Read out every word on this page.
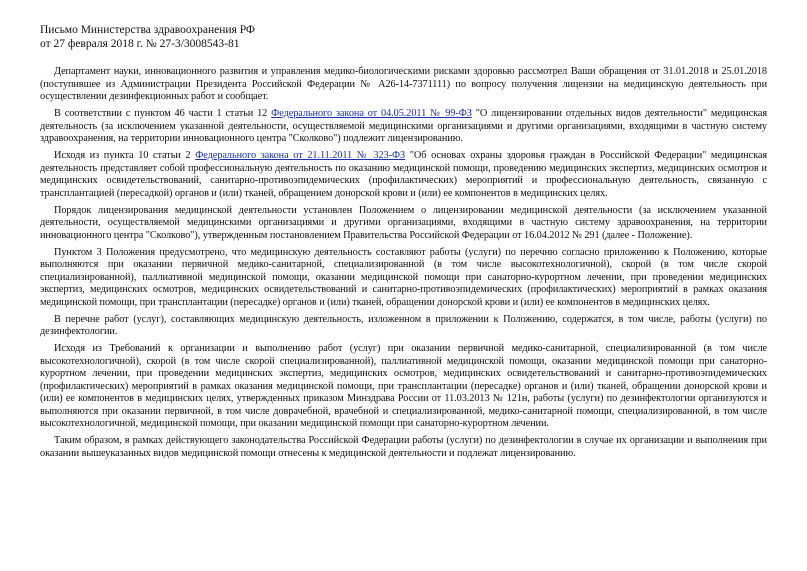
Письмо Министерства здравоохранения РФ

от 27 февраля 2018 г. № 27-3/3008543-81

Департамент науки, инновационного развития и управления медико-биологическими рисками здоровью рассмотрел Ваши обращения от 31.01.2018 и 25.01.2018 (поступившее из Администрации Президента Российской Федерации № А26-14-7371111) по вопросу получения лицензии на медицинскую деятельность при осуществлении дезинфекционных работ и сообщает.

В соответствии с пунктом 46 части 1 статьи 12 Федерального закона от 04.05.2011 № 99-ФЗ "О лицензировании отдельных видов деятельности" медицинская деятельность (за исключением указанной деятельности, осуществляемой медицинскими организациями и другими организациями, входящими в частную систему здравоохранения, на территории инновационного центра "Сколково") подлежит лицензированию.

Исходя из пункта 10 статьи 2 Федерального закона от 21.11.2011 № 323-ФЗ "Об основах охраны здоровья граждан в Российской Федерации" медицинская деятельность представляет собой профессиональную деятельность по оказанию медицинской помощи, проведению медицинских экспертиз, медицинских осмотров и медицинских освидетельствований, санитарно-противоэпидемических (профилактических) мероприятий и профессиональную деятельность, связанную с трансплантацией (пересадкой) органов и (или) тканей, обращением донорской крови и (или) ее компонентов в медицинских целях.

Порядок лицензирования медицинской деятельности установлен Положением о лицензировании медицинской деятельности (за исключением указанной деятельности, осуществляемой медицинскими организациями и другими организациями, входящими в частную систему здравоохранения, на территории инновационного центра "Сколково"), утвержденным постановлением Правительства Российской Федерации от 16.04.2012 № 291 (далее - Положение).

Пунктом 3 Положения предусмотрено, что медицинскую деятельность составляют работы (услуги) по перечню согласно приложению к Положению, которые выполняются при оказании первичной медико-санитарной, специализированной (в том числе высокотехнологичной), скорой (в том числе скорой специализированной), паллиативной медицинской помощи, оказании медицинской помощи при санаторно-курортном лечении, при проведении медицинских экспертиз, медицинских осмотров, медицинских освидетельствований и санитарно-противоэпидемических (профилактических) мероприятий в рамках оказания медицинской помощи, при трансплантации (пересадке) органов и (или) тканей, обращении донорской крови и (или) ее компонентов в медицинских целях.

В перечне работ (услуг), составляющих медицинскую деятельность, изложенном в приложении к Положению, содержатся, в том числе, работы (услуги) по дезинфектологии.

Исходя из Требований к организации и выполнению работ (услуг) при оказании первичной медико-санитарной, специализированной (в том числе высокотехнологичной), скорой (в том числе скорой специализированной), паллиативной медицинской помощи, оказании медицинской помощи при санаторно-курортном лечении, при проведении медицинских экспертиз, медицинских осмотров, медицинских освидетельствований и санитарно-противоэпидемических (профилактических) мероприятий в рамках оказания медицинской помощи, при трансплантации (пересадке) органов и (или) тканей, обращении донорской крови и (или) ее компонентов в медицинских целях, утвержденных приказом Минздрава России от 11.03.2013 № 121н, работы (услуги) по дезинфектологии организуются и выполняются при оказании первичной, в том числе доврачебной, врачебной и специализированной, медико-санитарной помощи, специализированной, в том числе высокотехнологичной, медицинской помощи, при оказании медицинской помощи при санаторно-курортном лечении.

Таким образом, в рамках действующего законодательства Российской Федерации работы (услуги) по дезинфектологии в случае их организации и выполнения при оказании вышеуказанных видов медицинской помощи отнесены к медицинской деятельности и подлежат лицензированию.
